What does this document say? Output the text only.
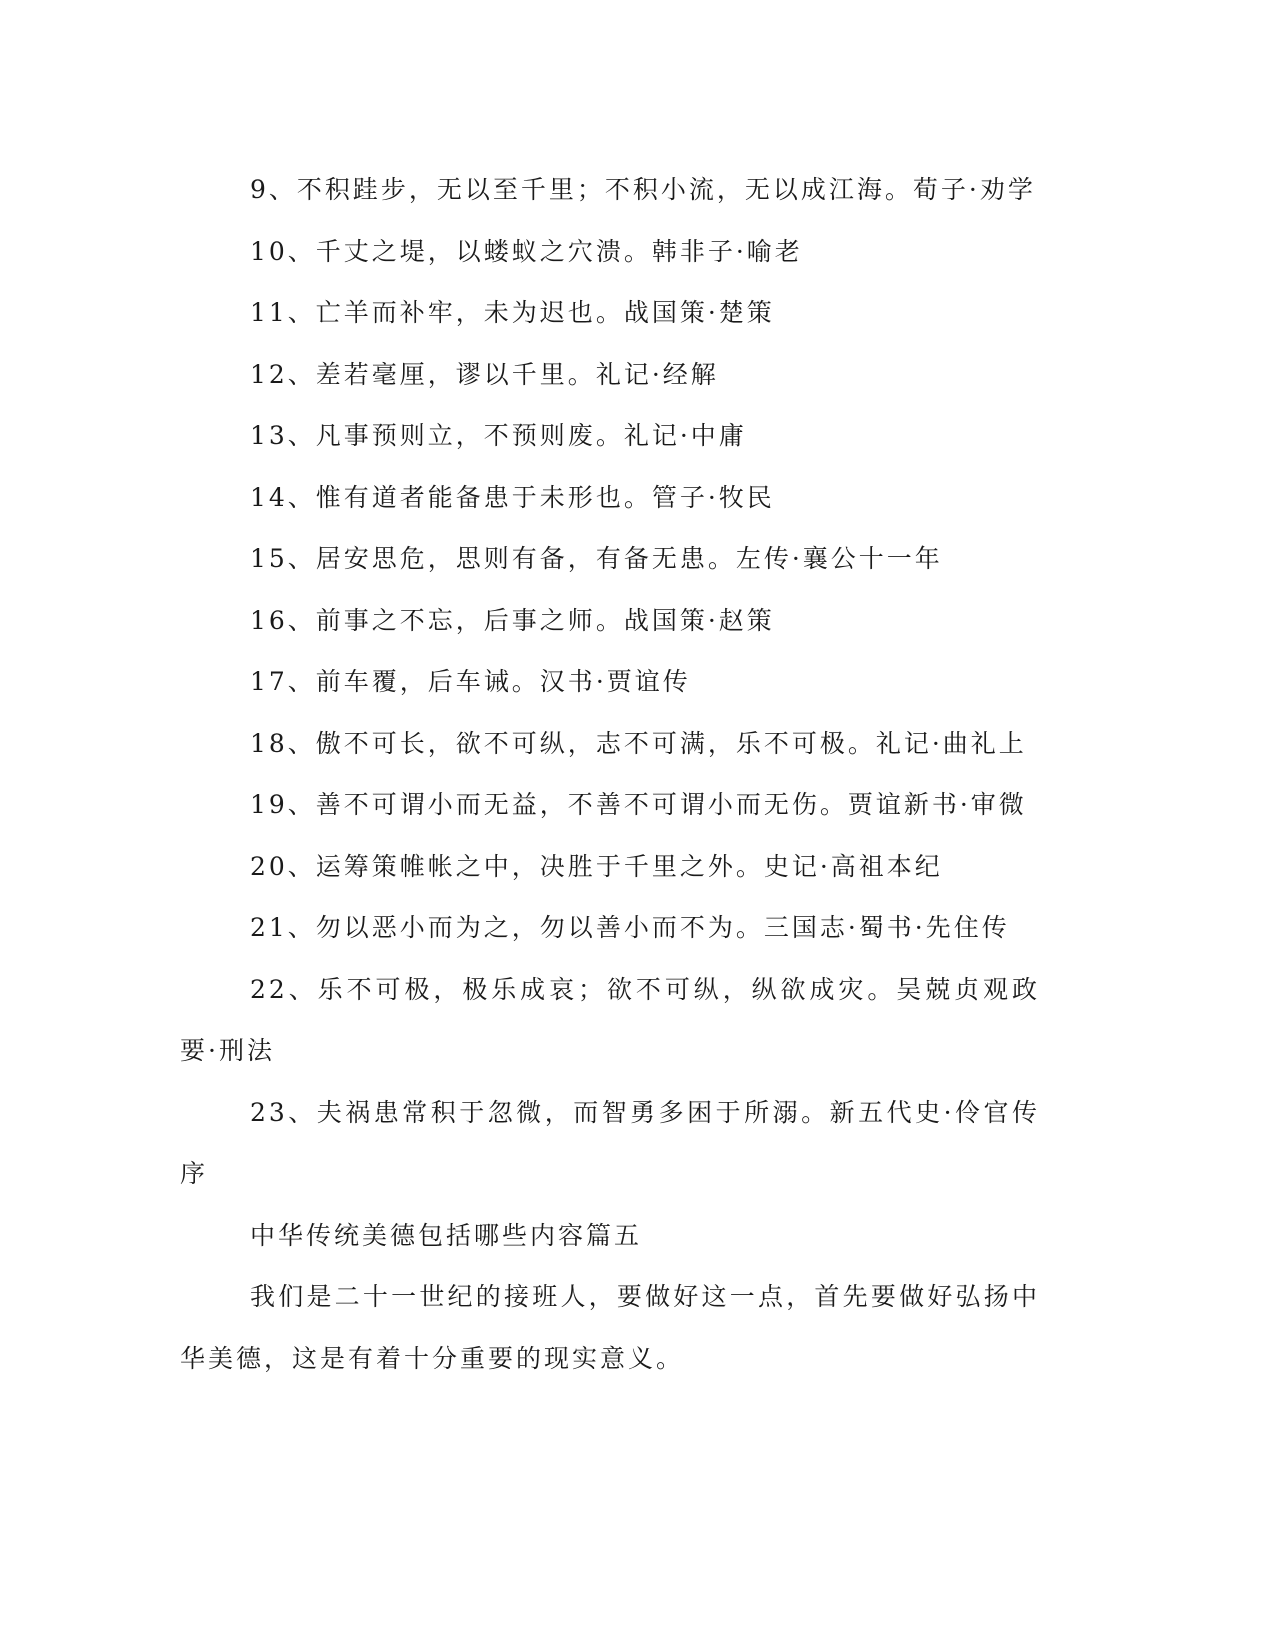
9、不积跬步，无以至千里；不积小流，无以成江海。荀子·劝学

10、千丈之堤，以蝼蚁之穴溃。韩非子·喻老

11、亡羊而补牢，未为迟也。战国策·楚策

12、差若毫厘，谬以千里。礼记·经解

13、凡事预则立，不预则废。礼记·中庸

14、惟有道者能备患于未形也。管子·牧民

15、居安思危，思则有备，有备无患。左传·襄公十一年

16、前事之不忘，后事之师。战国策·赵策

17、前车覆，后车诫。汉书·贾谊传

18、傲不可长，欲不可纵，志不可满，乐不可极。礼记·曲礼上

19、善不可谓小而无益，不善不可谓小而无伤。贾谊新书·审微

20、运筹策帷帐之中，决胜于千里之外。史记·高祖本纪

21、勿以恶小而为之，勿以善小而不为。三国志·蜀书·先住传

22、乐不可极，极乐成哀；欲不可纵，纵欲成灾。吴兢贞观政要·刑法

23、夫祸患常积于忽微，而智勇多困于所溺。新五代史·伶官传序

中华传统美德包括哪些内容篇五

我们是二十一世纪的接班人，要做好这一点，首先要做好弘扬中华美德，这是有着十分重要的现实意义。
